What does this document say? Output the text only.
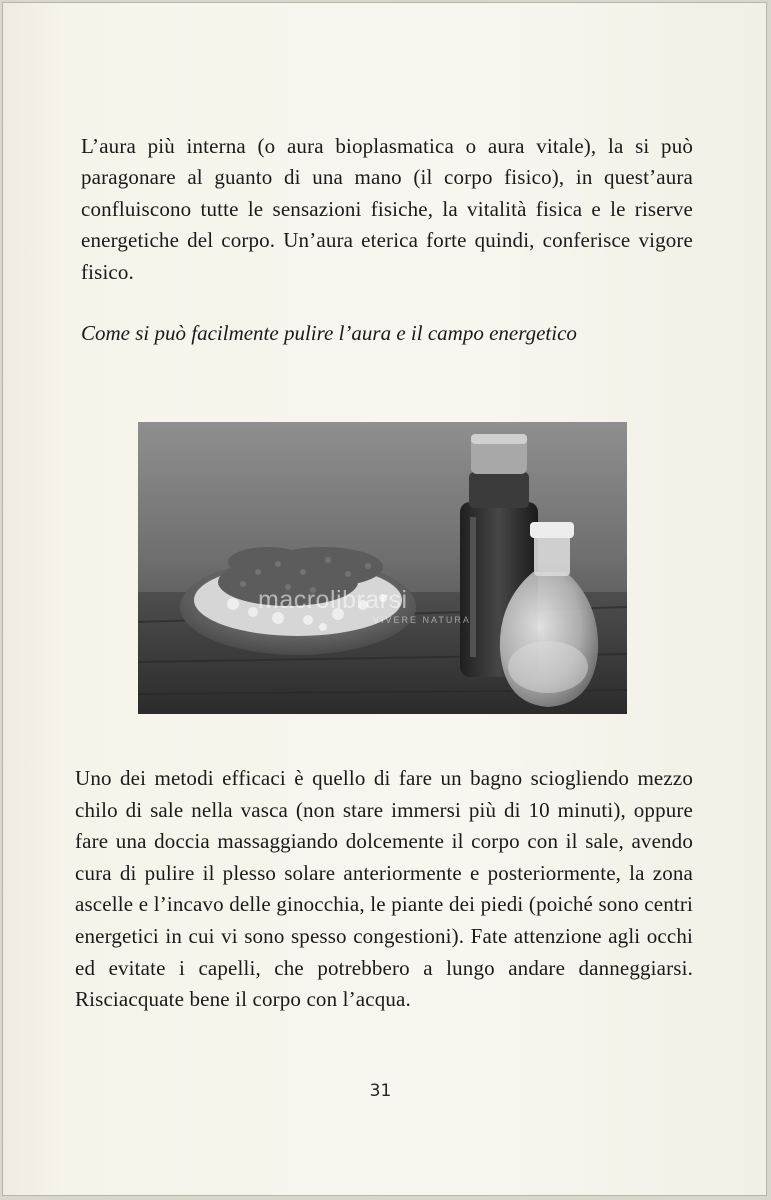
L’aura più interna (o aura bioplasmatica o aura vitale), la si può paragonare al guanto di una mano (il corpo fisico), in quest’aura confluiscono tutte le sensazioni fisiche, la vitalità fisica e le riserve energetiche del corpo. Un’aura eterica forte quindi, conferisce vigore fisico.

Come si può facilmente pulire l’aura e il campo energetico
macrolibrarsi
VIVERE NATURA

Uno dei metodi efficaci è quello di fare un bagno sciogliendo mezzo chilo di sale nella vasca (non stare immersi più di 10 minuti), oppure fare una doccia massaggiando dolcemente il corpo con il sale, avendo cura di pulire il plesso solare anteriormente e posteriormente, la zona ascelle e l’incavo delle ginocchia, le piante dei piedi (poiché sono centri energetici in cui vi sono spesso congestioni). Fate attenzione agli occhi ed evitate i capelli, che potrebbero a lungo andare danneggiarsi. Risciacquate bene il corpo con l’acqua.

31
